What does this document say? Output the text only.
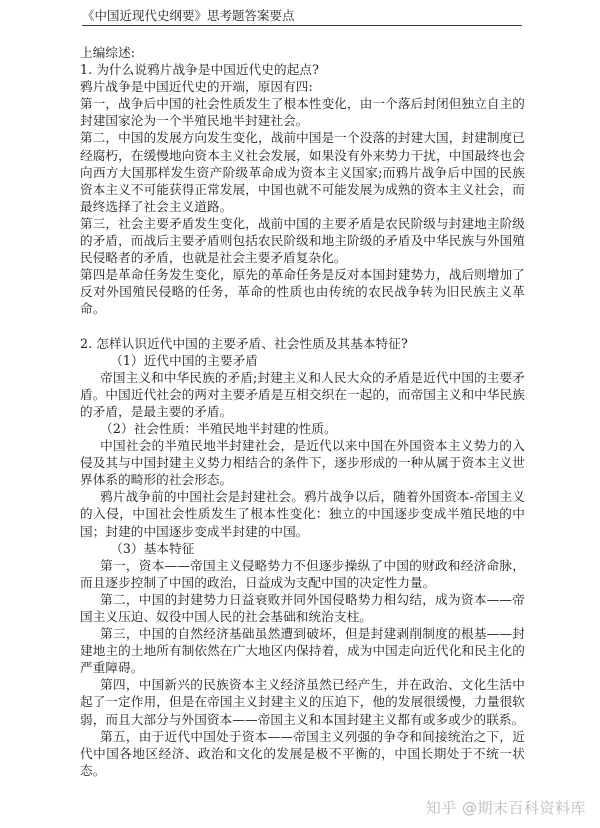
《中国近现代史纲要》思考题答案要点

上编综述:

1. 为什么说鸦片战争是中国近代史的起点?

鸦片战争是中国近代史的开端，原因有四:

第一，战争后中国的社会性质发生了根本性变化，由一个落后封闭但独立自主的封建国家沦为一个半殖民地半封建社会。

第二，中国的发展方向发生变化，战前中国是一个没落的封建大国，封建制度已经腐朽，在缓慢地向资本主义社会发展，如果没有外来势力干扰，中国最终也会向西方大国那样发生资产阶级革命成为资本主义国家;而鸦片战争后中国的民族资本主义不可能获得正常发展，中国也就不可能发展为成熟的资本主义社会，而最终选择了社会主义道路。

第三，社会主要矛盾发生变化，战前中国的主要矛盾是农民阶级与封建地主阶级的矛盾，而战后主要矛盾则包括农民阶级和地主阶级的矛盾及中华民族与外国殖民侵略者的矛盾，也就是社会主要矛盾复杂化。

第四是革命任务发生变化，原先的革命任务是反对本国封建势力，战后则增加了反对外国殖民侵略的任务，革命的性质也由传统的农民战争转为旧民族主义革命。

2. 怎样认识近代中国的主要矛盾、社会性质及其基本特征?

（1）近代中国的主要矛盾

帝国主义和中华民族的矛盾;封建主义和人民大众的矛盾是近代中国的主要矛盾。中国近代社会的两对主要矛盾是互相交织在一起的，而帝国主义和中华民族的矛盾，是最主要的矛盾。

（2）社会性质：半殖民地半封建的性质。

中国社会的半殖民地半封建社会，是近代以来中国在外国资本主义势力的入侵及其与中国封建主义势力相结合的条件下，逐步形成的一种从属于资本主义世界体系的畸形的社会形态。

鸦片战争前的中国社会是封建社会。鸦片战争以后，随着外国资本-帝国主义的入侵，中国社会性质发生了根本性变化：独立的中国逐步变成半殖民地的中国；封建的中国逐步变成半封建的中国。

（3）基本特征

第一，资本——帝国主义侵略势力不但逐步操纵了中国的财政和经济命脉，而且逐步控制了中国的政治，日益成为支配中国的决定性力量。

第二，中国的封建势力日益衰败并同外国侵略势力相勾结，成为资本——帝国主义压迫、奴役中国人民的社会基础和统治支柱。

第三，中国的自然经济基础虽然遭到破坏，但是封建剥削制度的根基——封建地主的土地所有制依然在广大地区内保持着，成为中国走向近代化和民主化的严重障碍。

第四，中国新兴的民族资本主义经济虽然已经产生，并在政治、文化生活中起了一定作用，但是在帝国主义封建主义的压迫下，他的发展很缓慢，力量很软弱，而且大部分与外国资本——帝国主义和本国封建主义都有或多或少的联系。

第五，由于近代中国处于资本——帝国主义列强的争夺和间接统治之下，近代中国各地区经济、政治和文化的发展是极不平衡的，中国长期处于不统一状态。

知乎 @期末百科资料库
